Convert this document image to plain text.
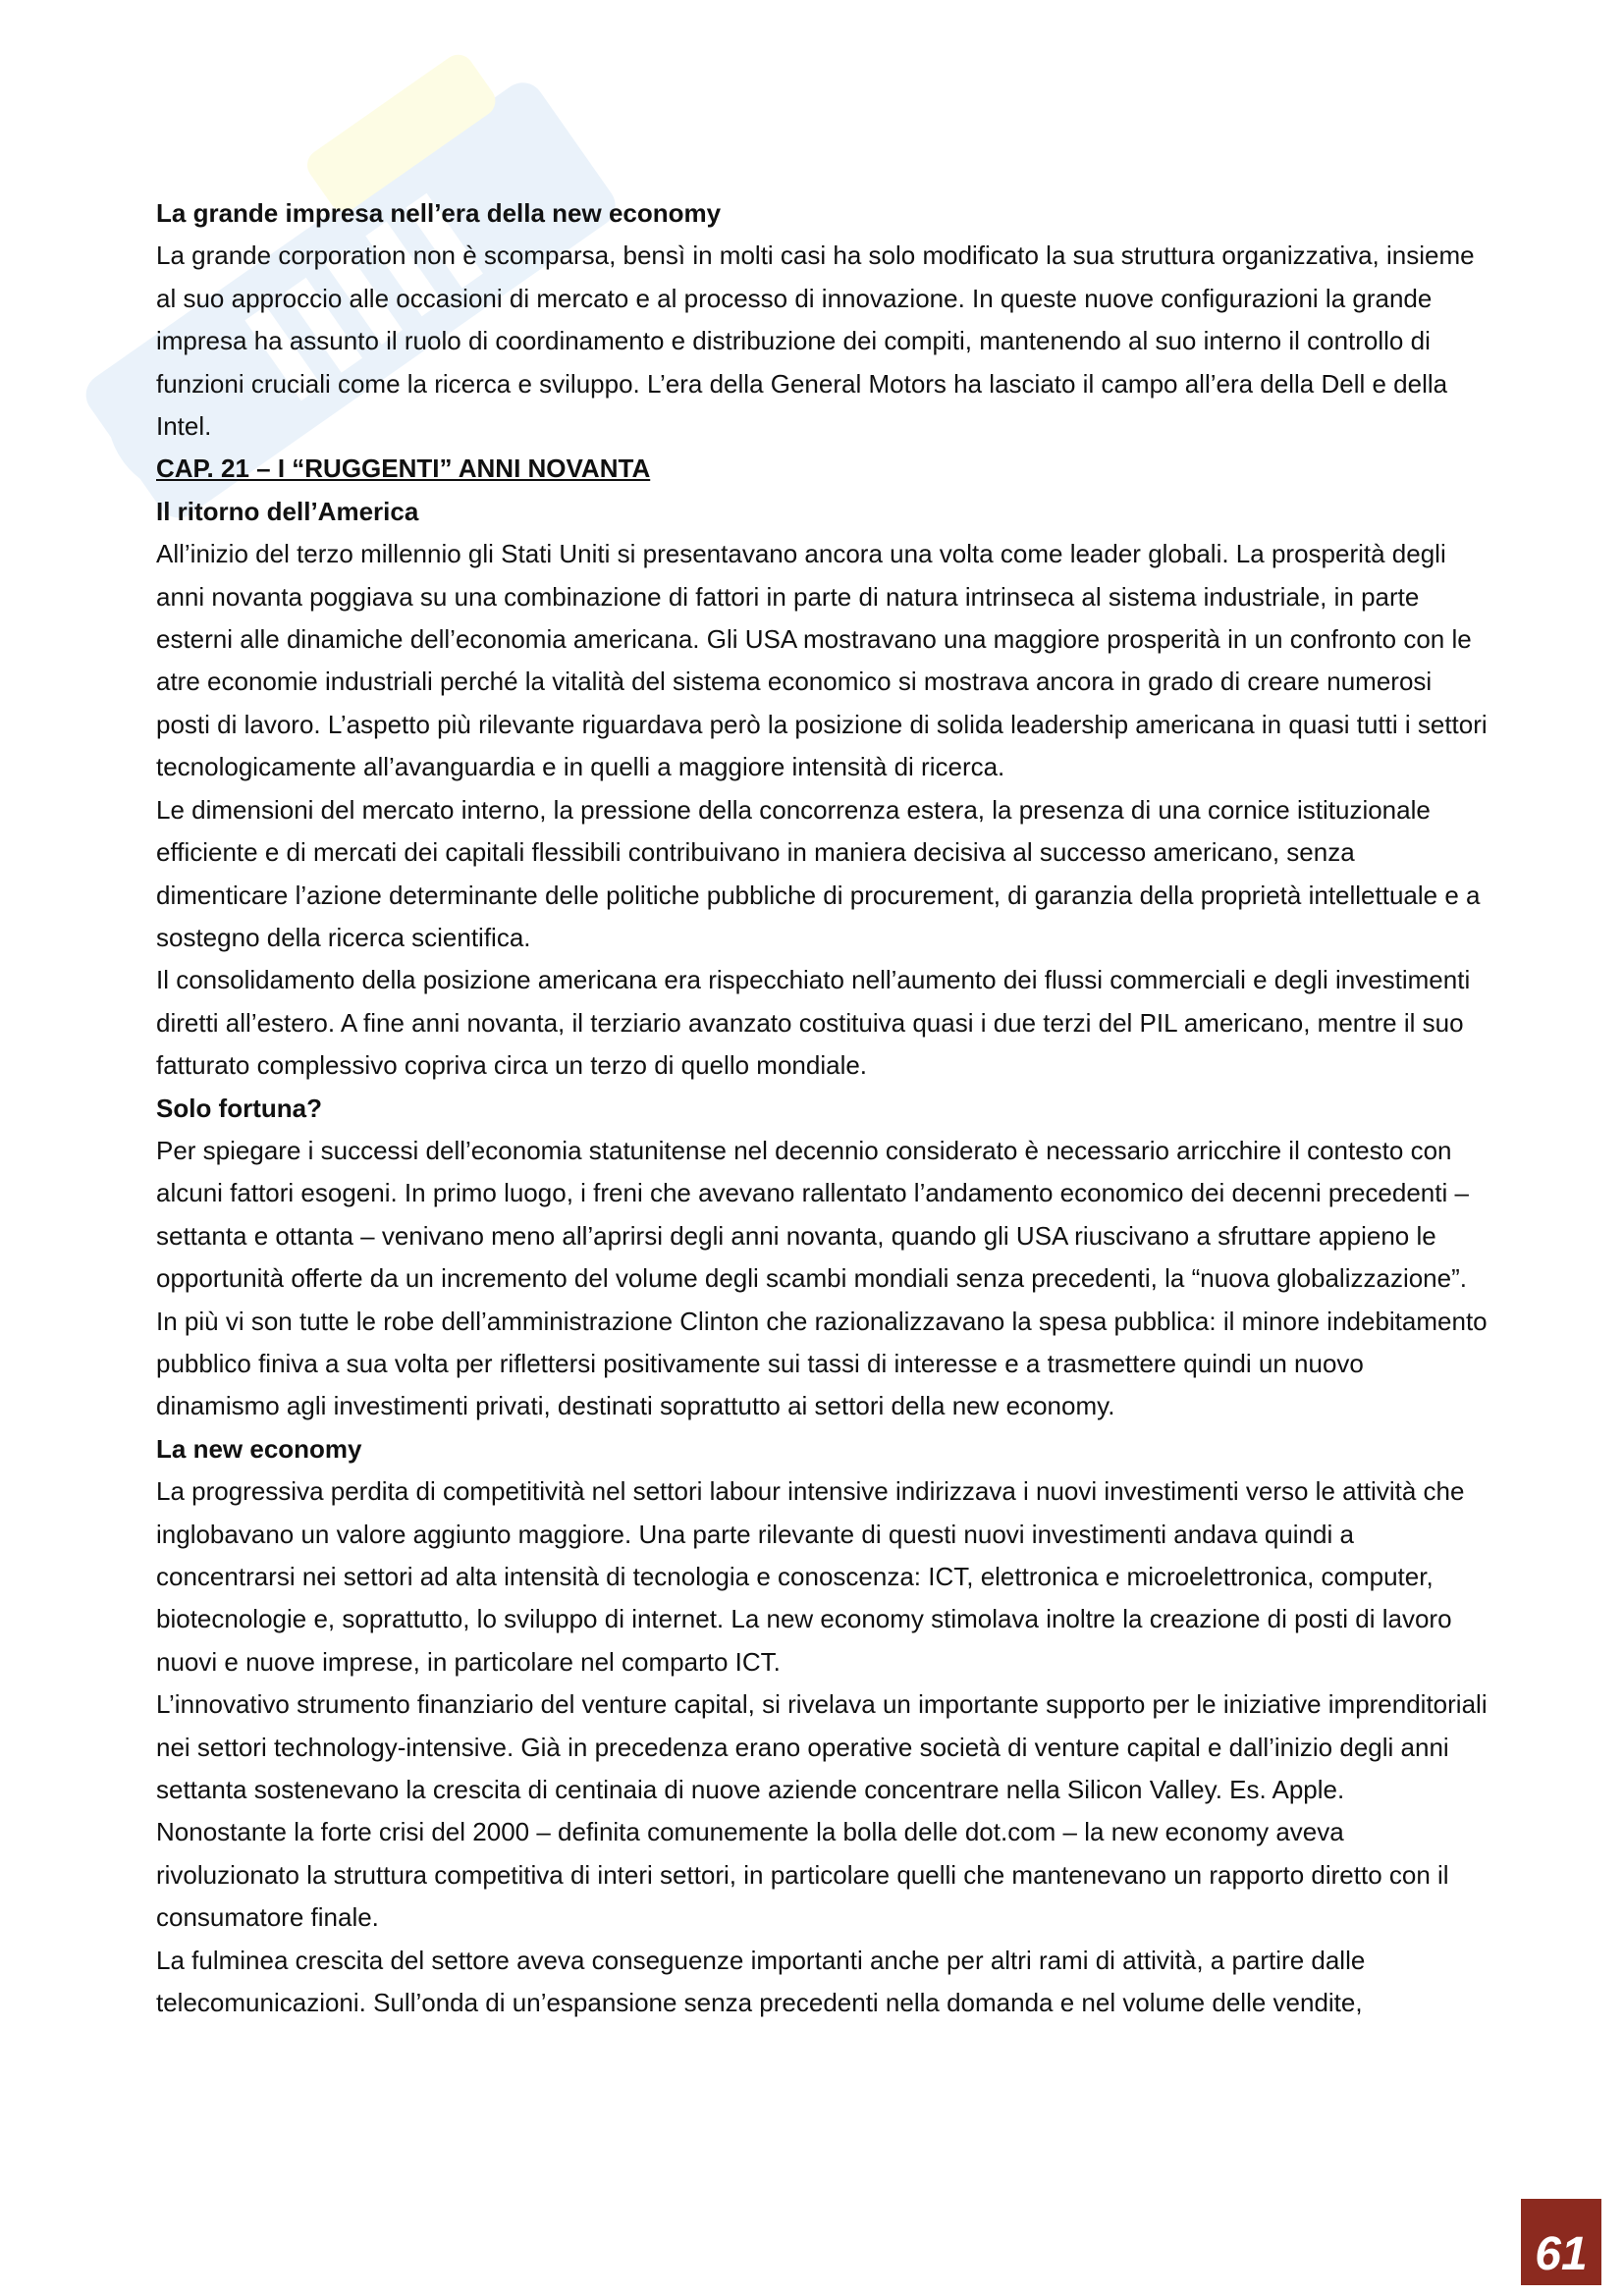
La grande impresa nell’era della new economy

La grande corporation non è scomparsa, bensì in molti casi ha solo modificato la sua struttura organizzativa, insieme al suo approccio alle occasioni di mercato e al processo di innovazione. In queste nuove configurazioni la grande impresa ha assunto il ruolo di coordinamento e distribuzione dei compiti, mantenendo al suo interno il controllo di funzioni cruciali come la ricerca e sviluppo. L’era della General Motors ha lasciato il campo all’era della Dell e della Intel.

CAP. 21 – I “RUGGENTI” ANNI NOVANTA

Il ritorno dell’America

All’inizio del terzo millennio gli Stati Uniti si presentavano ancora una volta come leader globali. La prosperità degli anni novanta poggiava su una combinazione di fattori in parte di natura intrinseca al sistema industriale, in parte esterni alle dinamiche dell’economia americana. Gli USA mostravano una maggiore prosperità in un confronto con le atre economie industriali perché la vitalità del sistema economico si mostrava ancora in grado di creare numerosi posti di lavoro. L’aspetto più rilevante riguardava però la posizione di solida leadership americana in quasi tutti i settori tecnologicamente all’avanguardia e in quelli a maggiore intensità di ricerca.

Le dimensioni del mercato interno, la pressione della concorrenza estera, la presenza di una cornice istituzionale efficiente e di mercati dei capitali flessibili contribuivano in maniera decisiva al successo americano, senza dimenticare l’azione determinante delle politiche pubbliche di procurement, di garanzia della proprietà intellettuale e a sostegno della ricerca scientifica.

Il consolidamento della posizione americana era rispecchiato nell’aumento dei flussi commerciali e degli investimenti diretti all’estero. A fine anni novanta, il terziario avanzato costituiva quasi i due terzi del PIL americano, mentre il suo fatturato complessivo copriva circa un terzo di quello mondiale.

Solo fortuna?

Per spiegare i successi dell’economia statunitense nel decennio considerato è necessario arricchire il contesto con alcuni fattori esogeni. In primo luogo, i freni che avevano rallentato l’andamento economico dei decenni precedenti – settanta e ottanta – venivano meno all’aprirsi degli anni novanta, quando gli USA riuscivano a sfruttare appieno le opportunità offerte da un incremento del volume degli scambi mondiali senza precedenti, la “nuova globalizzazione”. In più vi son tutte le robe dell’amministrazione Clinton che razionalizzavano la spesa pubblica: il minore indebitamento pubblico finiva a sua volta per riflettersi positivamente sui tassi di interesse e a trasmettere quindi un nuovo dinamismo agli investimenti privati, destinati soprattutto ai settori della new economy.

La new economy

La progressiva perdita di competitività nel settori labour intensive indirizzava i nuovi investimenti verso le attività che inglobavano un valore aggiunto maggiore. Una parte rilevante di questi nuovi investimenti andava quindi a concentrarsi nei settori ad alta intensità di tecnologia e conoscenza: ICT, elettronica e microelettronica, computer, biotecnologie e, soprattutto, lo sviluppo di internet. La new economy stimolava inoltre la creazione di posti di lavoro nuovi e nuove imprese, in particolare nel comparto ICT.

L’innovativo strumento finanziario del venture capital, si rivelava un importante supporto per le iniziative imprenditoriali nei settori technology-intensive. Già in precedenza erano operative società di venture capital e dall’inizio degli anni settanta sostenevano la crescita di centinaia di nuove aziende concentrare nella Silicon Valley. Es. Apple.

Nonostante la forte crisi del 2000 – definita comunemente la bolla delle dot.com – la new economy aveva rivoluzionato la struttura competitiva di interi settori, in particolare quelli che mantenevano un rapporto diretto con il consumatore finale.

La fulminea crescita del settore aveva conseguenze importanti anche per altri rami di attività, a partire dalle telecomunicazioni. Sull’onda di un’espansione senza precedenti nella domanda e nel volume delle vendite,

61
